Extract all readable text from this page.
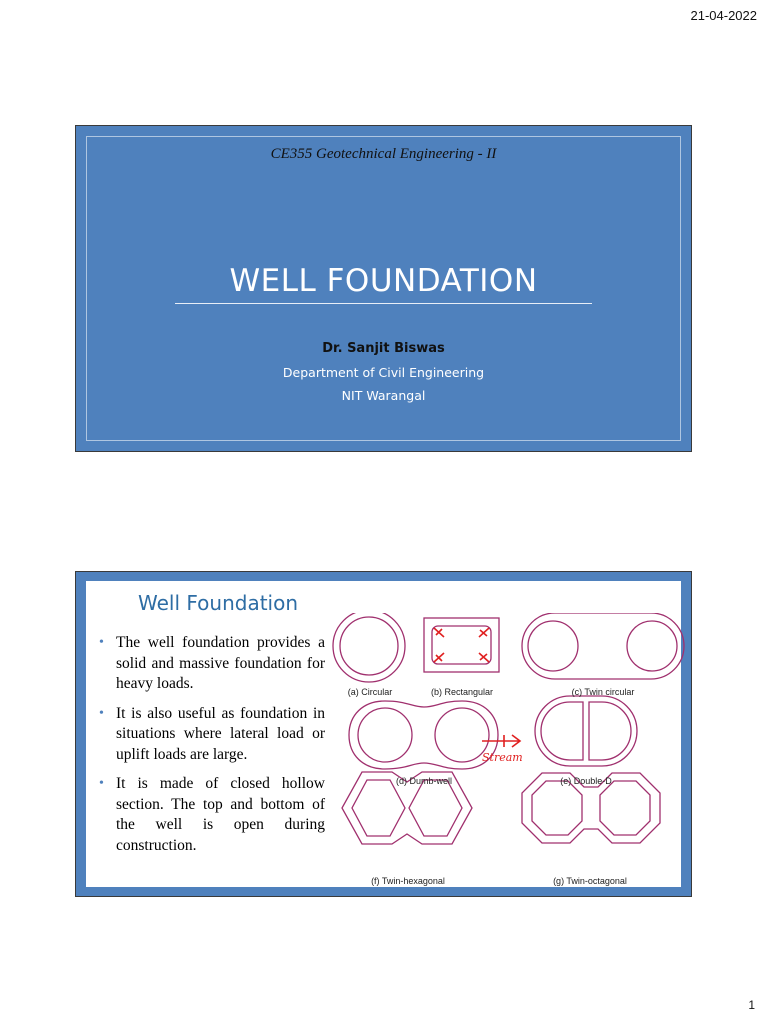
21-04-2022
CE355 Geotechnical Engineering - II
WELL FOUNDATION
Dr. Sanjit Biswas
Department of Civil Engineering
NIT Warangal
Well Foundation
• The well foundation provides a solid and massive foundation for heavy loads.
• It is also useful as foundation in situations where lateral load or uplift loads are large.
• It is made of closed hollow section. The top and bottom of the well is open during construction.
Stream
(a) Circular	(b) Rectangular	(c) Twin circular
(d) Dumb-well	(e) Double-D
(f) Twin-hexagonal	(g) Twin-octagonal
1
